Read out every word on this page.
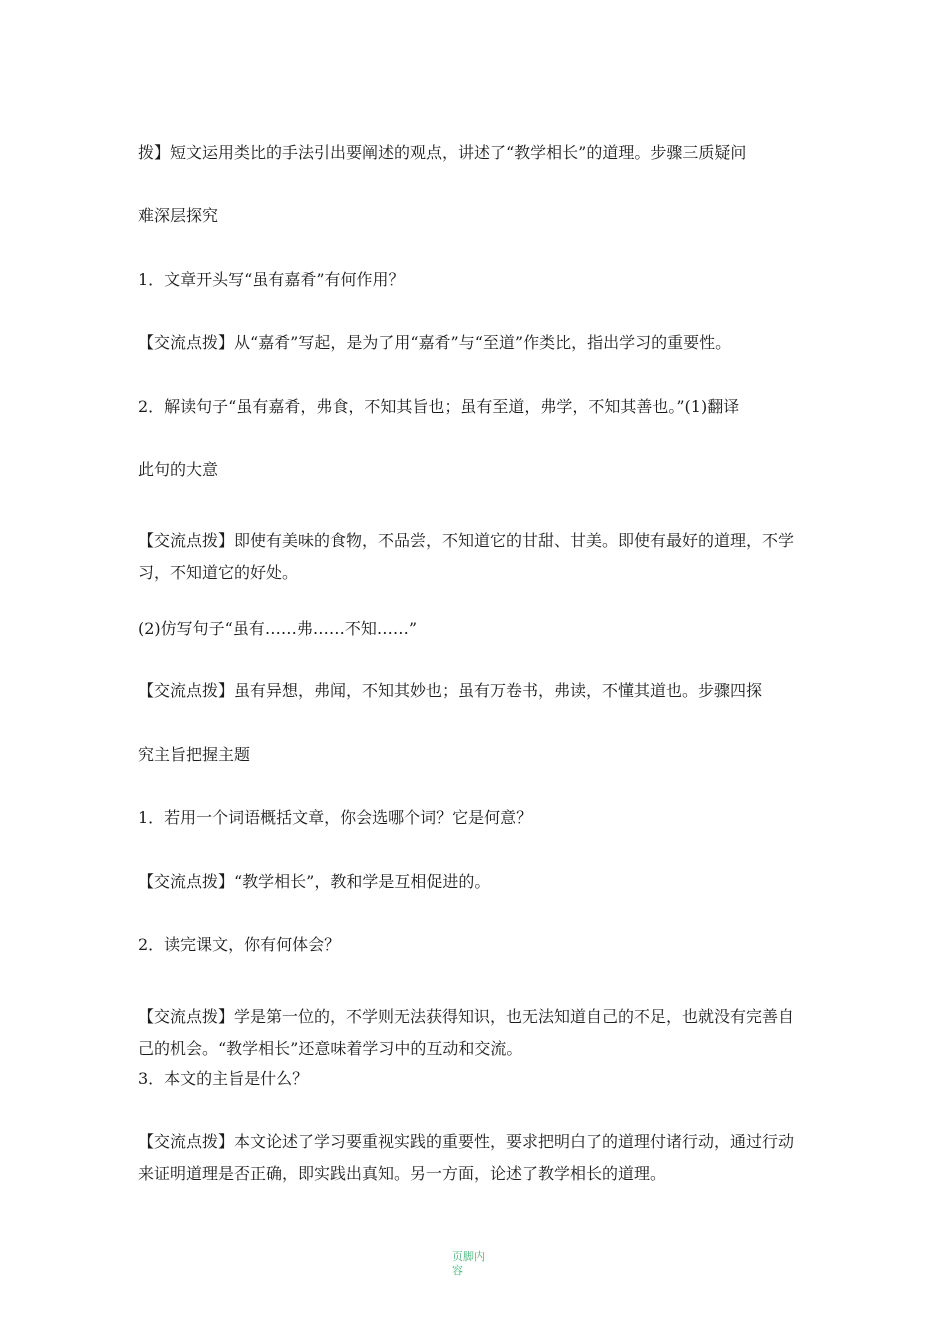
拨】短文运用类比的手法引出要阐述的观点，讲述了“教学相长”的道理。步骤三质疑问
难深层探究
1．文章开头写“虽有嘉肴”有何作用？
【交流点拨】从“嘉肴”写起，是为了用“嘉肴”与“至道”作类比，指出学习的重要性。
2．解读句子“虽有嘉肴，弗食，不知其旨也；虽有至道，弗学，不知其善也。”(1)翻译
此句的大意
【交流点拨】即使有美味的食物，不品尝，不知道它的甘甜、甘美。即使有最好的道理，不学习，不知道它的好处。
(2)仿写句子“虽有……弗……不知……”
【交流点拨】虽有异想，弗闻，不知其妙也；虽有万卷书，弗读，不懂其道也。步骤四探
究主旨把握主题
1．若用一个词语概括文章，你会选哪个词？它是何意？
【交流点拨】“教学相长”，教和学是互相促进的。
2．读完课文，你有何体会？
【交流点拨】学是第一位的，不学则无法获得知识，也无法知道自己的不足，也就没有完善自己的机会。“教学相长”还意味着学习中的互动和交流。
3．本文的主旨是什么？
【交流点拨】本文论述了学习要重视实践的重要性，要求把明白了的道理付诸行动，通过行动来证明道理是否正确，即实践出真知。另一方面，论述了教学相长的道理。
页脚内容
